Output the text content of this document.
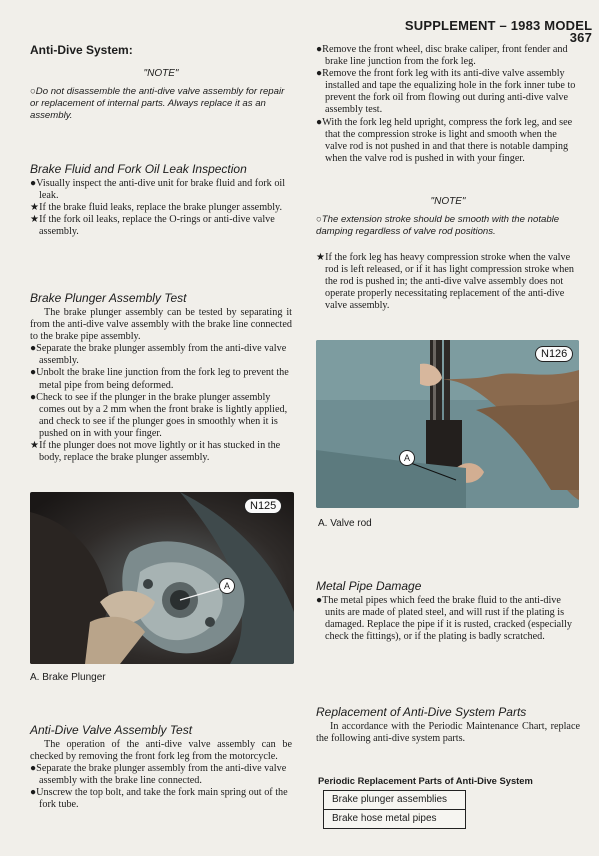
SUPPLEMENT – 1983 MODEL 367
Anti-Dive System:
"NOTE"
○Do not disassemble the anti-dive valve assembly for repair or replacement of internal parts. Always replace it as an assembly.
Brake Fluid and Fork Oil Leak Inspection

●Visually inspect the anti-dive unit for brake fluid and fork oil leak.

★If the brake fluid leaks, replace the brake plunger assembly.

★If the fork oil leaks, replace the O-rings or anti-dive valve assembly.

Brake Plunger Assembly Test

The brake plunger assembly can be tested by separating it from the anti-dive valve assembly with the brake line connected to the brake pipe assembly.

●Separate the brake plunger assembly from the anti-dive valve assembly.

●Unbolt the brake line junction from the fork leg to prevent the metal pipe from being deformed.

●Check to see if the plunger in the brake plunger assembly comes out by a 2 mm when the front brake is lightly applied, and check to see if the plunger goes in smoothly when it is pushed on in with your finger.

★If the plunger does not move lightly or it has stucked in the body, replace the brake plunger assembly.

N125
A
A. Brake Plunger
Anti-Dive Valve Assembly Test

The operation of the anti-dive valve assembly can be checked by removing the front fork leg from the motorcycle.

●Separate the brake plunger assembly from the anti-dive valve assembly with the brake line connected.

●Unscrew the top bolt, and take the fork main spring out of the fork tube.

●Remove the front wheel, disc brake caliper, front fender and brake line junction from the fork leg.

●Remove the front fork leg with its anti-dive valve assembly installed and tape the equalizing hole in the fork inner tube to prevent the fork oil from flowing out during anti-dive valve assembly test.

●With the fork leg held upright, compress the fork leg, and see that the compression stroke is light and smooth when the valve rod is not pushed in and that there is notable damping when the valve rod is pushed in with your finger.

"NOTE"
○The extension stroke should be smooth with the notable damping regardless of valve rod positions.

★If the fork leg has heavy compression stroke when the valve rod is left released, or if it has light compression stroke when the rod is pushed in; the anti-dive valve assembly does not operate properly necessitating replacement of the anti-dive valve assembly.

N126
A
A. Valve rod
Metal Pipe Damage

●The metal pipes which feed the brake fluid to the anti-dive units are made of plated steel, and will rust if the plating is damaged. Replace the pipe if it is rusted, cracked (especially check the fittings), or if the plating is badly scratched.

Replacement of Anti-Dive System Parts

In accordance with the Periodic Maintenance Chart, replace the following anti-dive system parts.

Periodic Replacement Parts of Anti-Dive System
Brake plunger assemblies
Brake hose metal pipes
